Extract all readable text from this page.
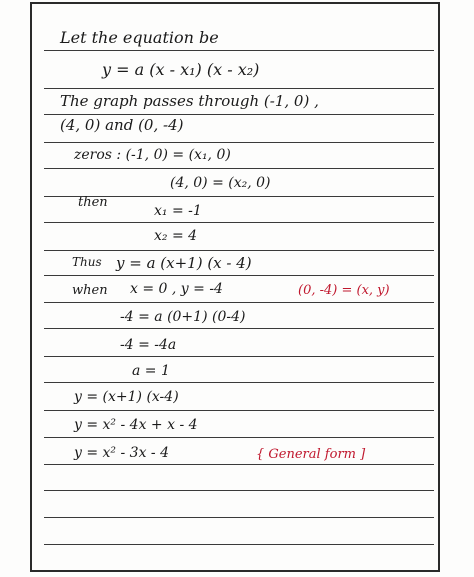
Let the equation be
y = a (x - x₁) (x - x₂)
The graph passes through (-1, 0) ,
(4, 0) and (0, -4)
zeros : (-1, 0) = (x₁, 0)
(4, 0) = (x₂, 0)
then
x₁ = -1
x₂ = 4
Thus y = a (x+1) (x - 4)
when x = 0 , y = -4	(0, -4) = (x, y)
-4 = a (0+1) (0-4)
-4 = -4a
a = 1
y = (x+1) (x-4)
y = x² - 4x + x - 4
y = x² - 3x - 4	{ General form ]
